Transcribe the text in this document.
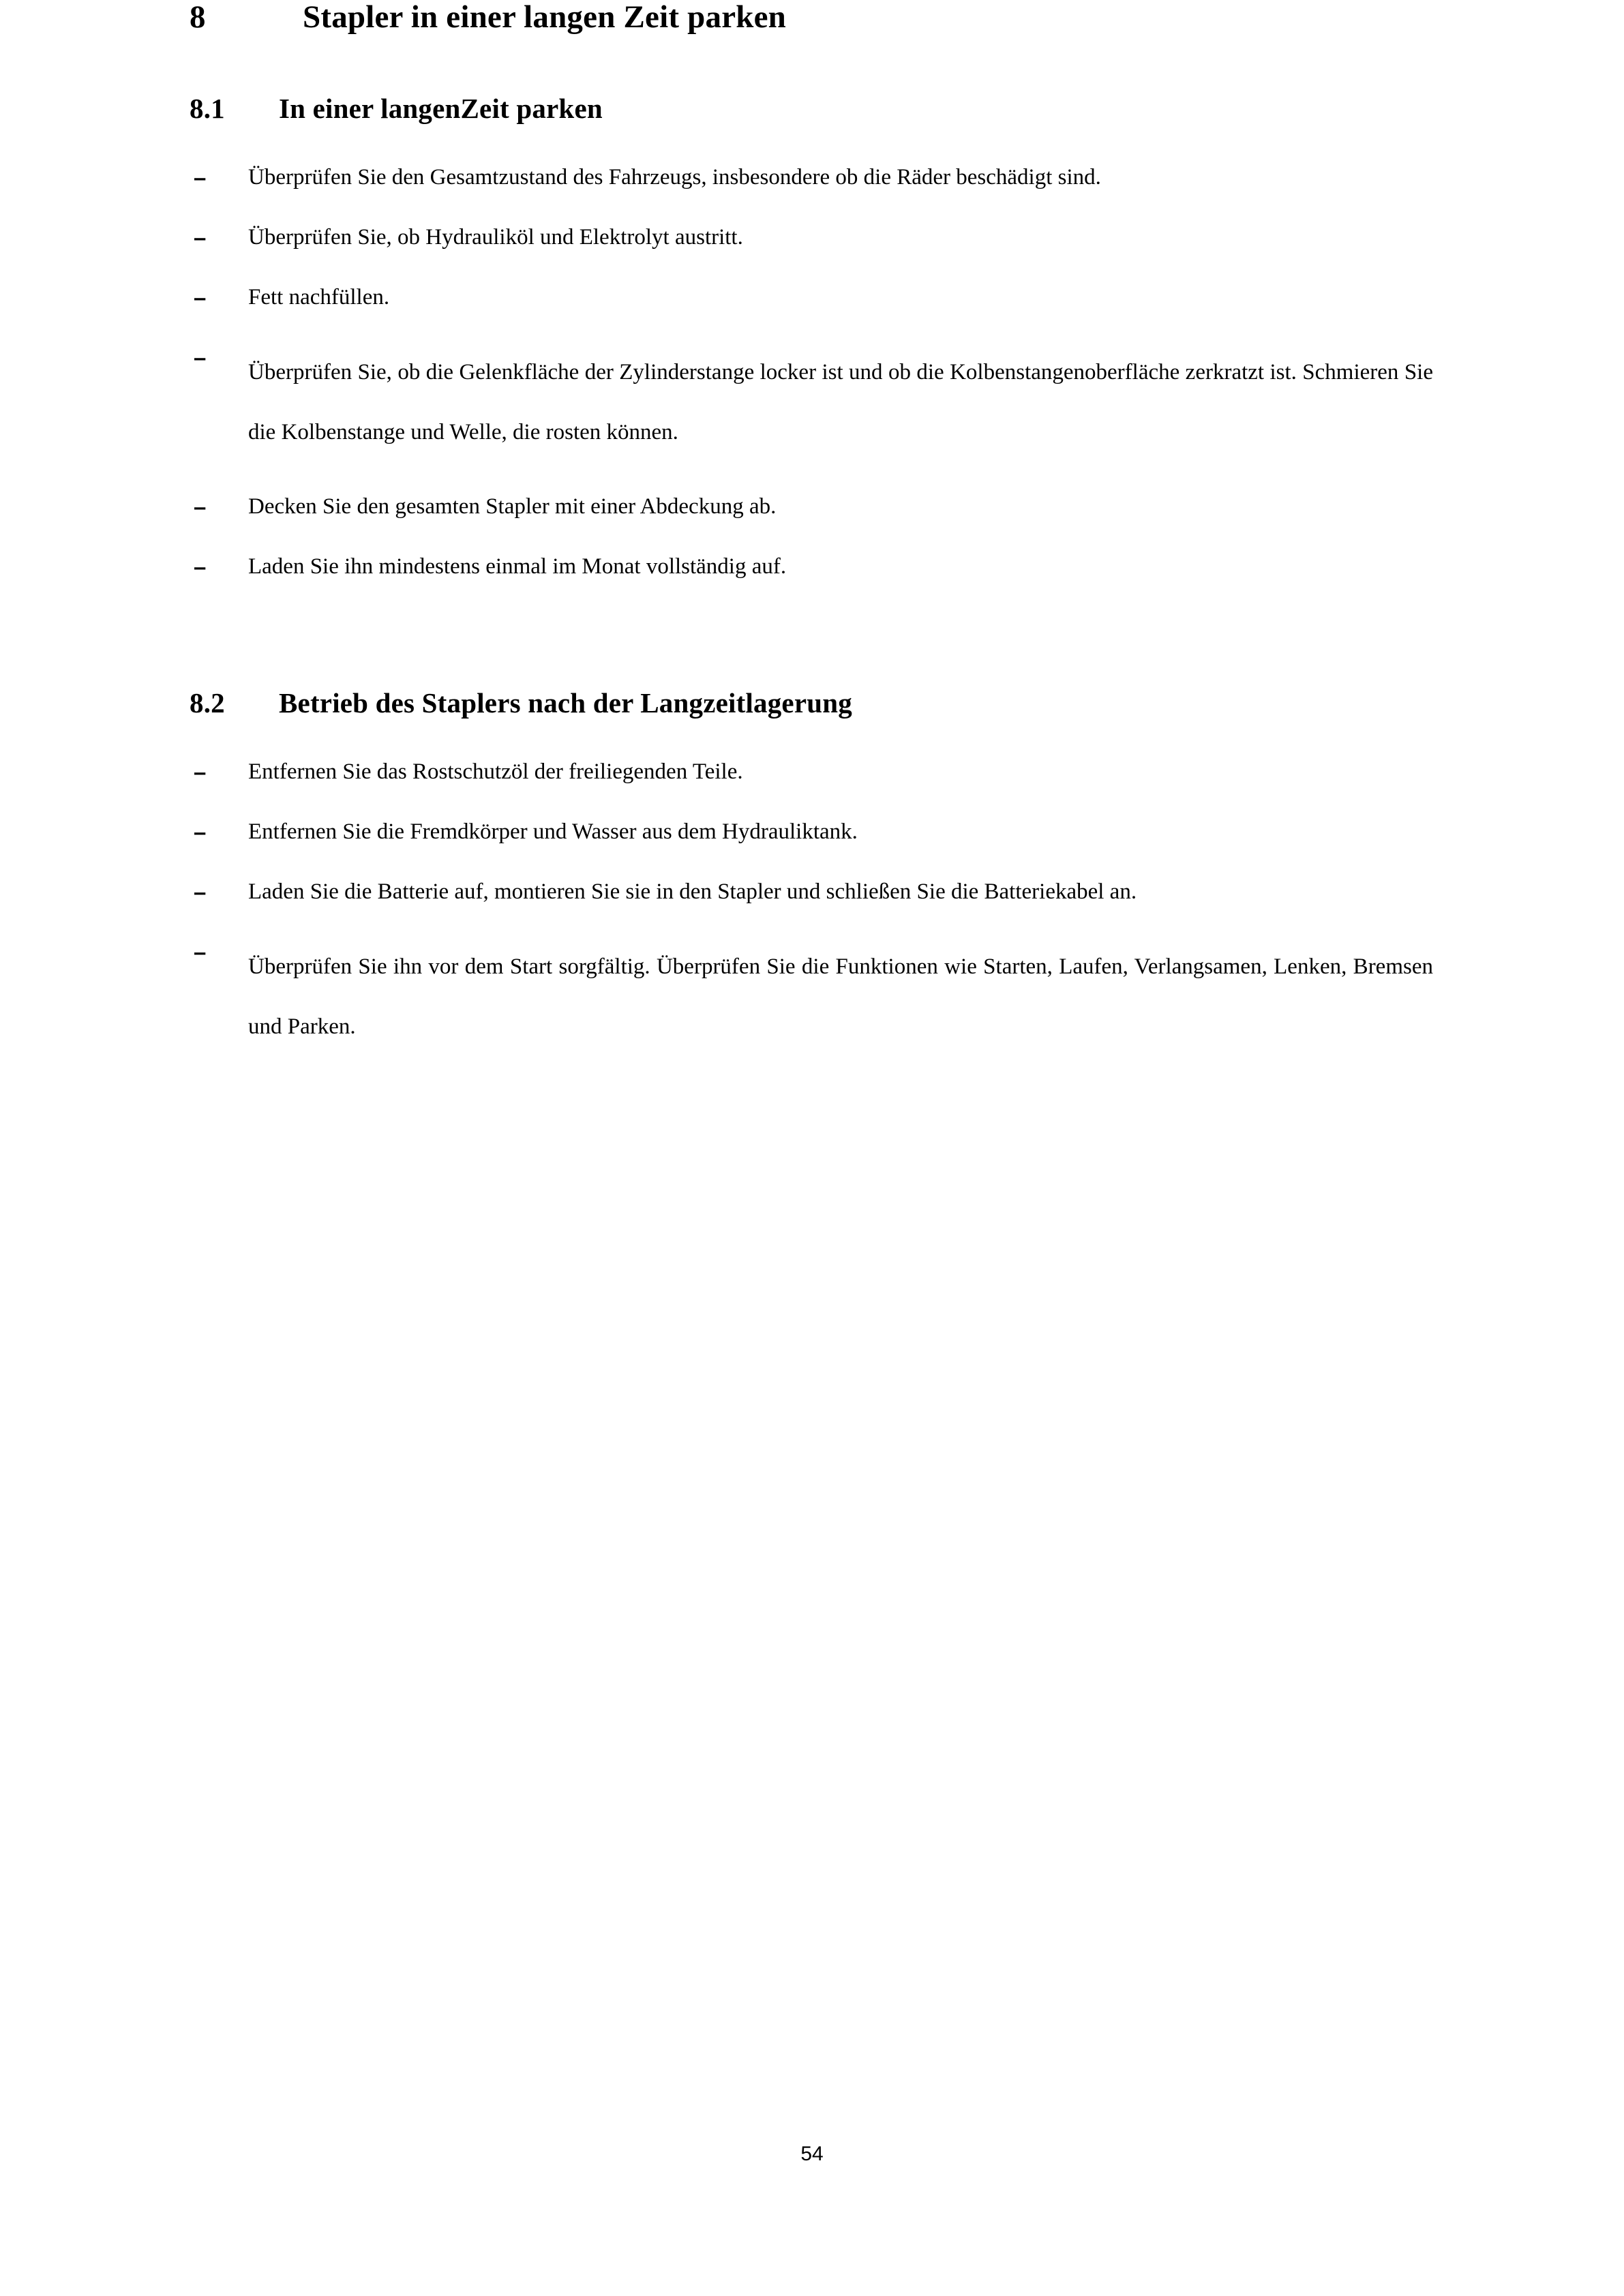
8	Stapler in einer langen Zeit parken
8.1 In einer langenZeit parken
–	Überprüfen Sie den Gesamtzustand des Fahrzeugs, insbesondere ob die Räder beschädigt sind.
–	Überprüfen Sie, ob Hydrauliköl und Elektrolyt austritt.
–	Fett nachfüllen.
–
Überprüfen Sie, ob die Gelenkfläche der Zylinderstange locker ist und ob die Kolbenstangenoberfläche zerkratzt ist. Schmieren Sie die Kolbenstange und Welle, die rosten können.
–	Decken Sie den gesamten Stapler mit einer Abdeckung ab.
–	Laden Sie ihn mindestens einmal im Monat vollständig auf.
8.2 Betrieb des Staplers nach der Langzeitlagerung
–	Entfernen Sie das Rostschutzöl der freiliegenden Teile.
–	Entfernen Sie die Fremdkörper und Wasser aus dem Hydrauliktank.
–	Laden Sie die Batterie auf, montieren Sie sie in den Stapler und schließen Sie die Batteriekabel an.
–
Überprüfen Sie ihn vor dem Start sorgfältig. Überprüfen Sie die Funktionen wie Starten, Laufen, Verlangsamen, Lenken, Bremsen und Parken.
54
